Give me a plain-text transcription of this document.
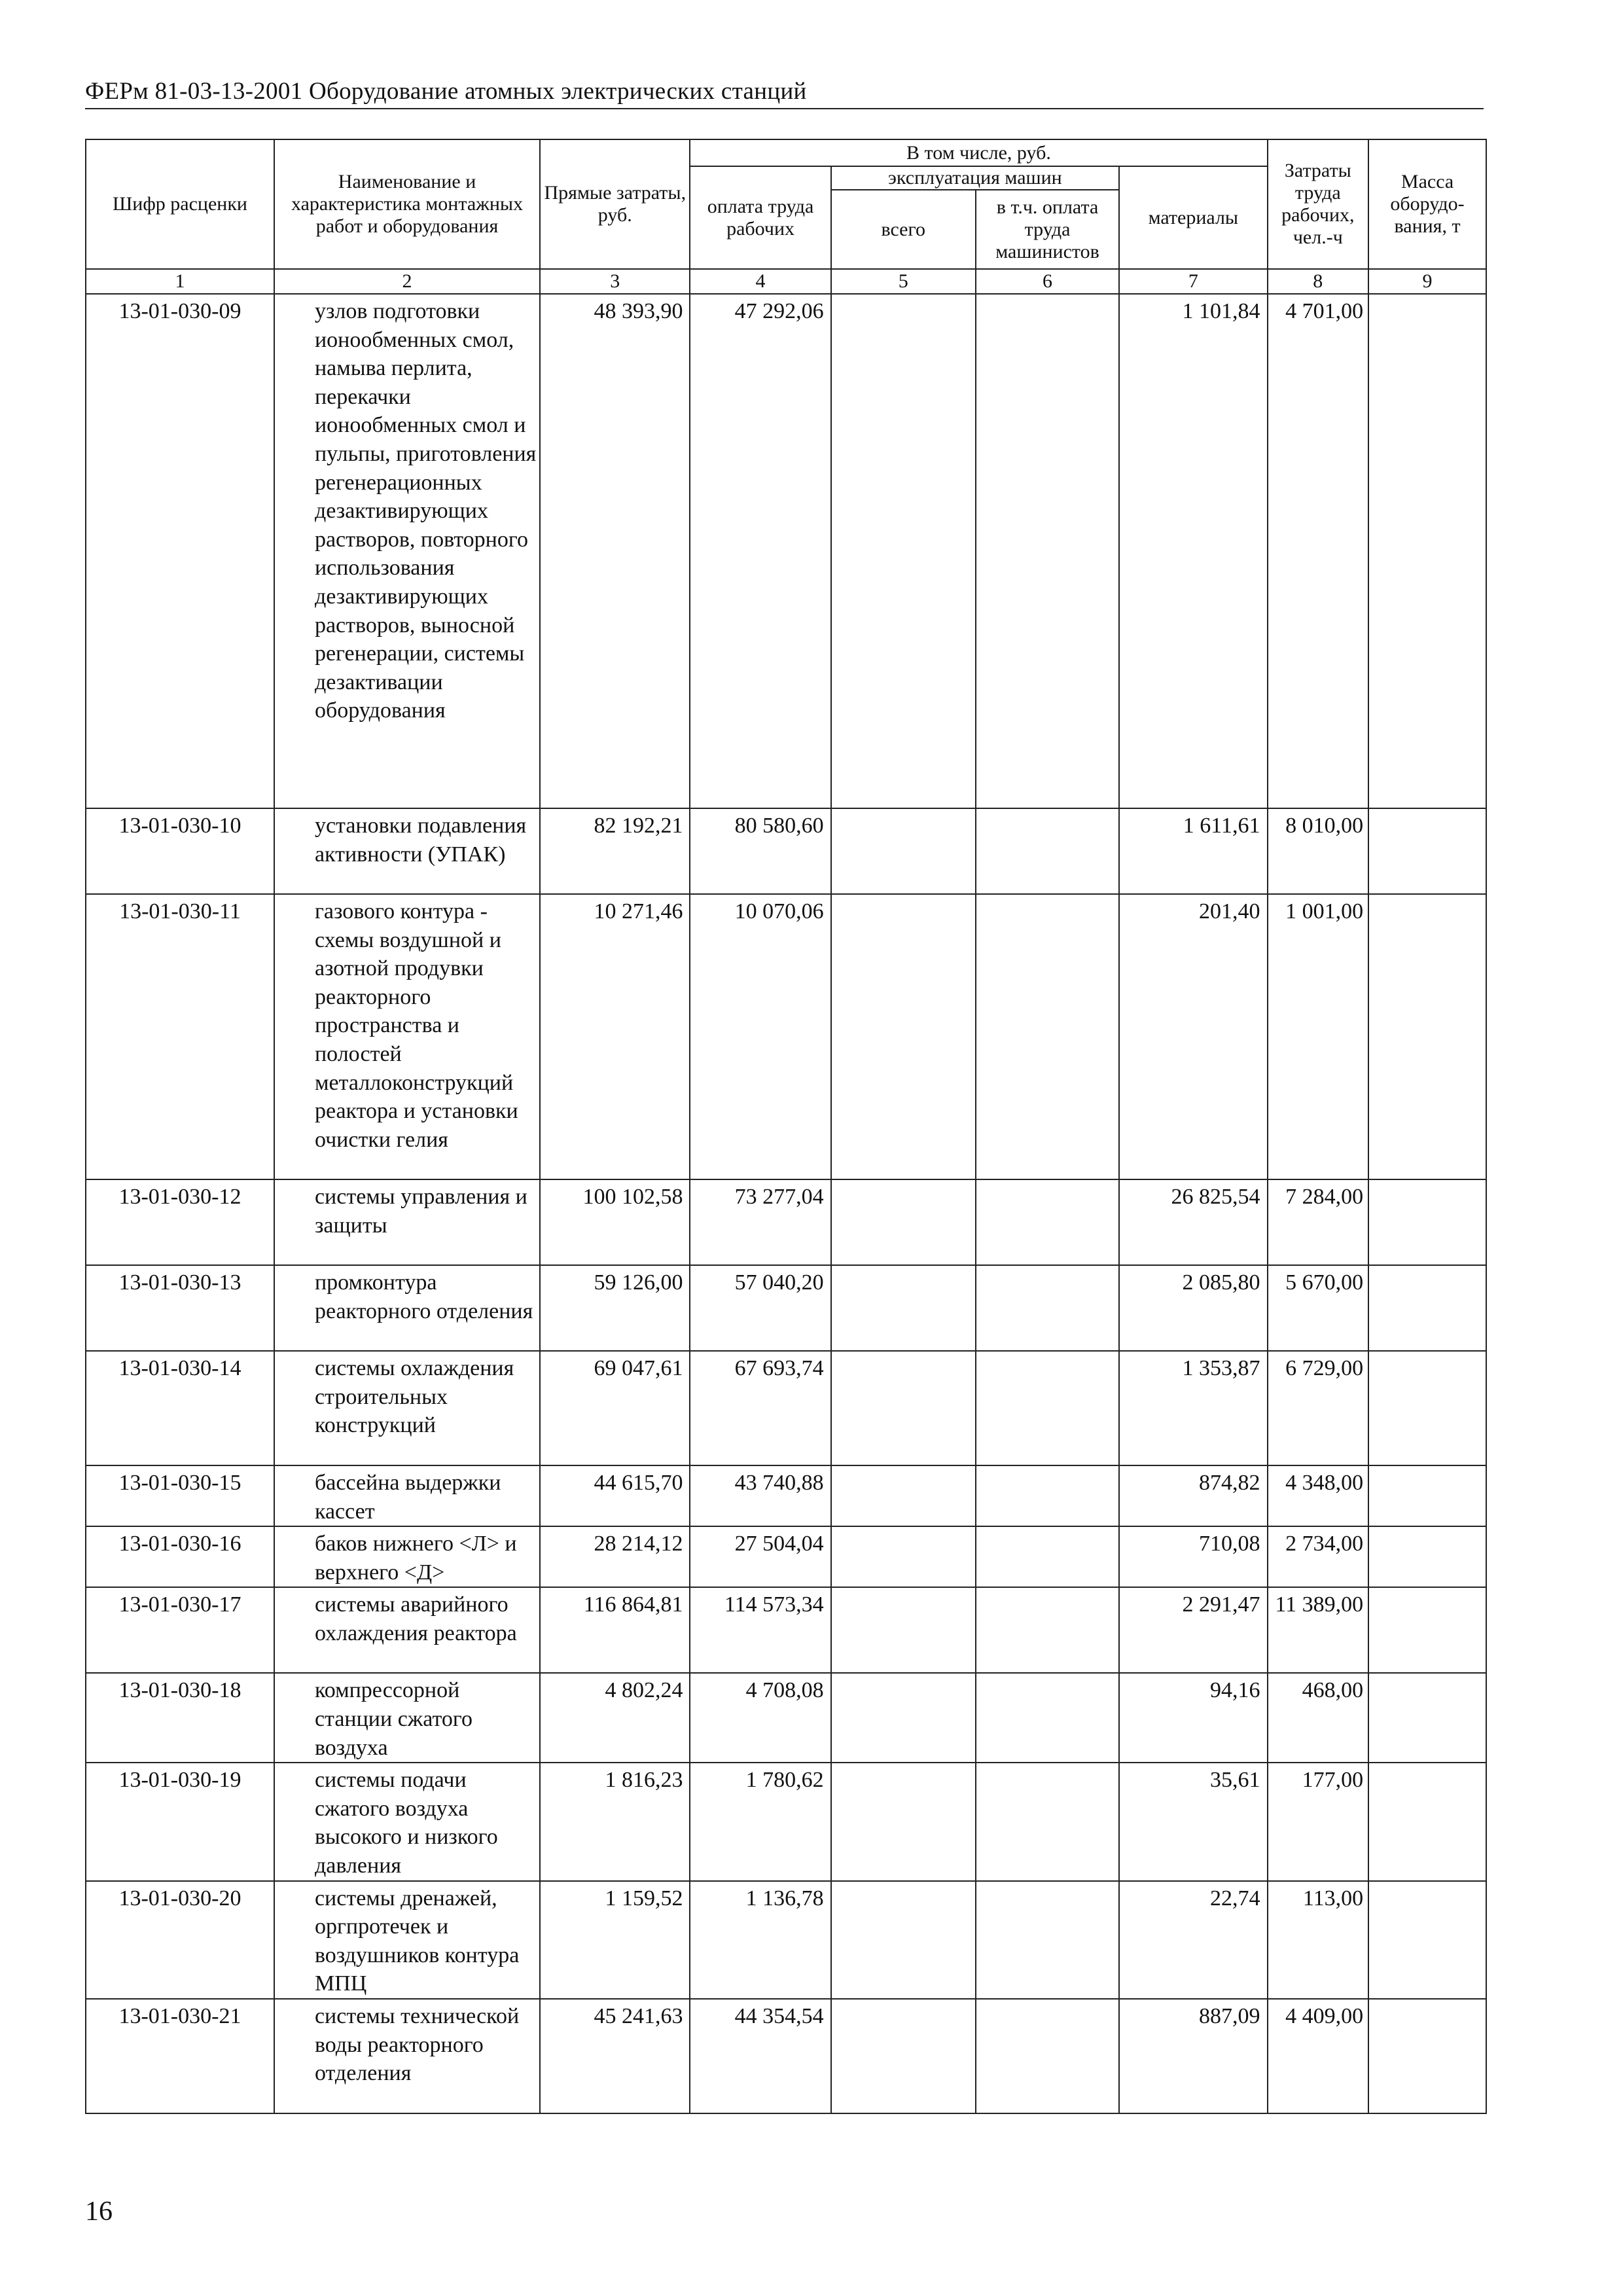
ФЕРм 81-03-13-2001 Оборудование атомных электрических станций
Шифр расценки	Наименование и характеристика монтажных работ и оборудования	Прямые затраты, руб.	В том числе, руб.				Затраты труда рабочих, чел.-ч	Масса оборудо-вания, т
			оплата труда рабочих	эксплуатация машин		материалы		
				всего	в т.ч. оплата труда машинистов			
1	2	3	4	5	6	7	8	9
13-01-030-09	узлов подготовки ионообменных смол, намыва перлита, перекачки ионообменных смол и пульпы, приготовления регенерационных дезактивирующих растворов, повторного использования дезактивирующих растворов, выносной регенерации, системы дезактивации оборудования	48 393,90	47 292,06			1 101,84	4 701,00	
13-01-030-10	установки подавления активности (УПАК)	82 192,21	80 580,60			1 611,61	8 010,00	
13-01-030-11	газового контура - схемы воздушной и азотной продувки реакторного пространства и полостей металлоконструкций реактора и установки очистки гелия	10 271,46	10 070,06			201,40	1 001,00	
13-01-030-12	системы управления и защиты	100 102,58	73 277,04			26 825,54	7 284,00	
13-01-030-13	промконтура реакторного отделения	59 126,00	57 040,20			2 085,80	5 670,00	
13-01-030-14	системы охлаждения строительных конструкций	69 047,61	67 693,74			1 353,87	6 729,00	
13-01-030-15	бассейна выдержки кассет	44 615,70	43 740,88			874,82	4 348,00	
13-01-030-16	баков нижнего <Л> и верхнего <Д>	28 214,12	27 504,04			710,08	2 734,00	
13-01-030-17	системы аварийного охлаждения реактора	116 864,81	114 573,34			2 291,47	11 389,00	
13-01-030-18	компрессорной станции сжатого воздуха	4 802,24	4 708,08			94,16	468,00	
13-01-030-19	системы подачи сжатого воздуха высокого и низкого давления	1 816,23	1 780,62			35,61	177,00	
13-01-030-20	системы дренажей, оргпротечек и воздушников контура МПЦ	1 159,52	1 136,78			22,74	113,00	
13-01-030-21	системы технической воды реакторного отделения	45 241,63	44 354,54			887,09	4 409,00	
16
